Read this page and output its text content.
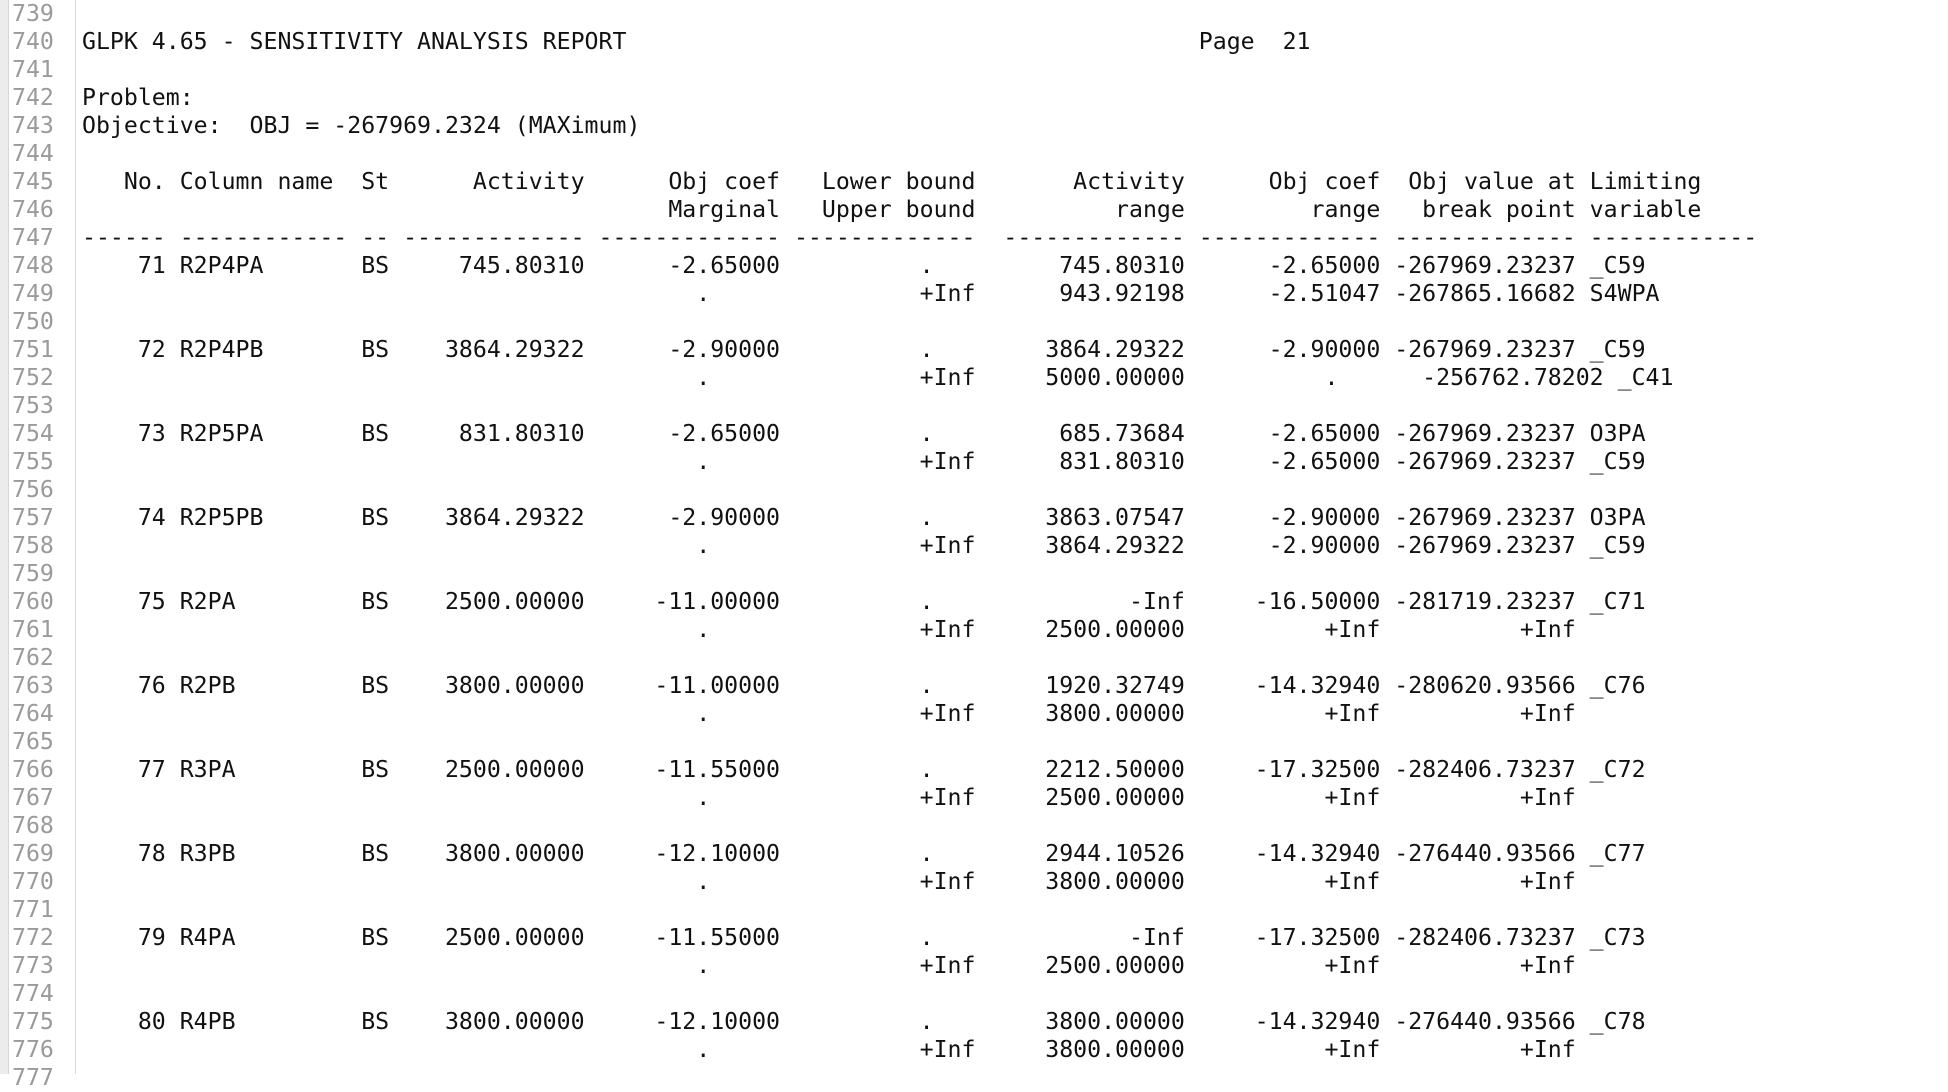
739
740	GLPK 4.65 - SENSITIVITY ANALYSIS REPORT                                         Page  21
741
742	Problem:
743	Objective:  OBJ = -267969.2324 (MAXimum)
744
745	No. Column name  St      Activity      Obj coef   Lower bound       Activity      Obj coef  Obj value at Limiting
746	Marginal   Upper bound          range         range   break point variable
747	------ ------------ -- ------------- ------------- -------------  ------------- ------------- ------------- ------------
748	71 R2P4PA       BS     745.80310      -2.65000          .         745.80310      -2.65000 -267969.23237 _C59
749	.               +Inf      943.92198      -2.51047 -267865.16682 S4WPA
750
751	72 R2P4PB       BS    3864.29322      -2.90000          .        3864.29322      -2.90000 -267969.23237 _C59
752	.               +Inf     5000.00000          .      -256762.78202 _C41
753
754	73 R2P5PA       BS     831.80310      -2.65000          .         685.73684      -2.65000 -267969.23237 O3PA
755	.               +Inf      831.80310      -2.65000 -267969.23237 _C59
756
757	74 R2P5PB       BS    3864.29322      -2.90000          .        3863.07547      -2.90000 -267969.23237 O3PA
758	.               +Inf     3864.29322      -2.90000 -267969.23237 _C59
759
760	75 R2PA         BS    2500.00000     -11.00000          .              -Inf     -16.50000 -281719.23237 _C71
761	.               +Inf     2500.00000          +Inf          +Inf
762
763	76 R2PB         BS    3800.00000     -11.00000          .        1920.32749     -14.32940 -280620.93566 _C76
764	.               +Inf     3800.00000          +Inf          +Inf
765
766	77 R3PA         BS    2500.00000     -11.55000          .        2212.50000     -17.32500 -282406.73237 _C72
767	.               +Inf     2500.00000          +Inf          +Inf
768
769	78 R3PB         BS    3800.00000     -12.10000          .        2944.10526     -14.32940 -276440.93566 _C77
770	.               +Inf     3800.00000          +Inf          +Inf
771
772	79 R4PA         BS    2500.00000     -11.55000          .              -Inf     -17.32500 -282406.73237 _C73
773	.               +Inf     2500.00000          +Inf          +Inf
774
775	80 R4PB         BS    3800.00000     -12.10000          .        3800.00000     -14.32940 -276440.93566 _C78
776	.               +Inf     3800.00000          +Inf          +Inf
777
